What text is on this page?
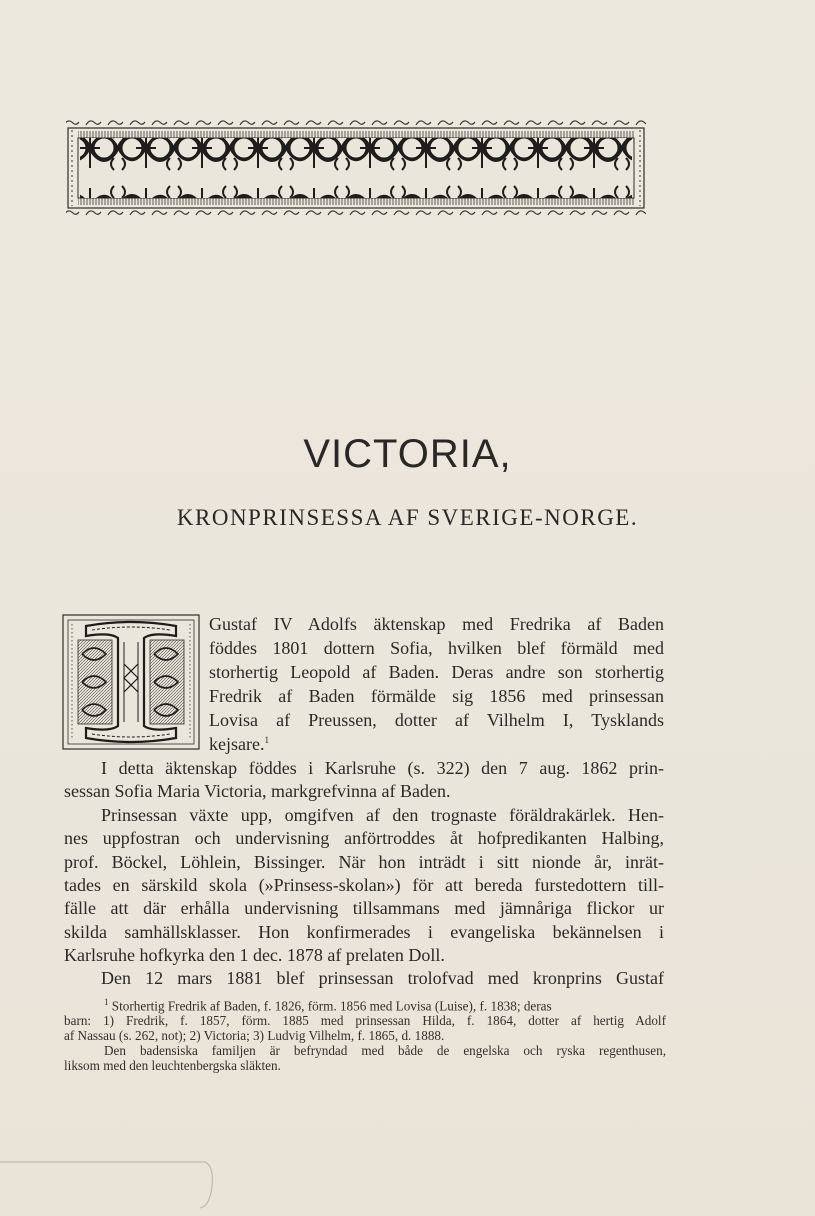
VICTORIA,
KRONPRINSESSA AF SVERIGE-NORGE.
Gustaf IV Adolfs äktenskap med Fredrika af Baden
föddes 1801 dottern Sofia, hvilken blef förmäld med
storhertig Leopold af Baden. Deras andre son storhertig
Fredrik af Baden förmälde sig 1856 med prinsessan
Lovisa af Preussen, dotter af Vilhelm I, Tysklands
kejsare.$^1$
I detta äktenskap föddes i Karlsruhe (s. 322) den 7 aug. 1862 prin-
sessan Sofia Maria Victoria, markgrefvinna af Baden.
Prinsessan växte upp, omgifven af den trognaste föräldrakärlek. Hen-
nes uppfostran och undervisning anförtroddes åt hofpredikanten Halbing,
prof. Böckel, Löhlein, Bissinger. När hon inträdt i sitt nionde år, inrät-
tades en särskild skola (»Prinsess-skolan») för att bereda furstedottern till-
fälle att där erhålla undervisning tillsammans med jämnåriga flickor ur
skilda samhällsklasser. Hon konfirmerades i evangeliska bekännelsen i
Karlsruhe hofkyrka den 1 dec. 1878 af prelaten Doll.
Den 12 mars 1881 blef prinsessan trolofvad med kronprins Gustaf
$^1$ Storhertig Fredrik af Baden, f. 1826, förm. 1856 med Lovisa (Luise), f. 1838; deras
barn: 1) Fredrik, f. 1857, förm. 1885 med prinsessan Hilda, f. 1864, dotter af hertig Adolf
af Nassau (s. 262, not); 2) Victoria; 3) Ludvig Vilhelm, f. 1865, d. 1888.
Den badensiska familjen är befryndad med både de engelska och ryska regenthusen,
liksom med den leuchtenbergska släkten.
